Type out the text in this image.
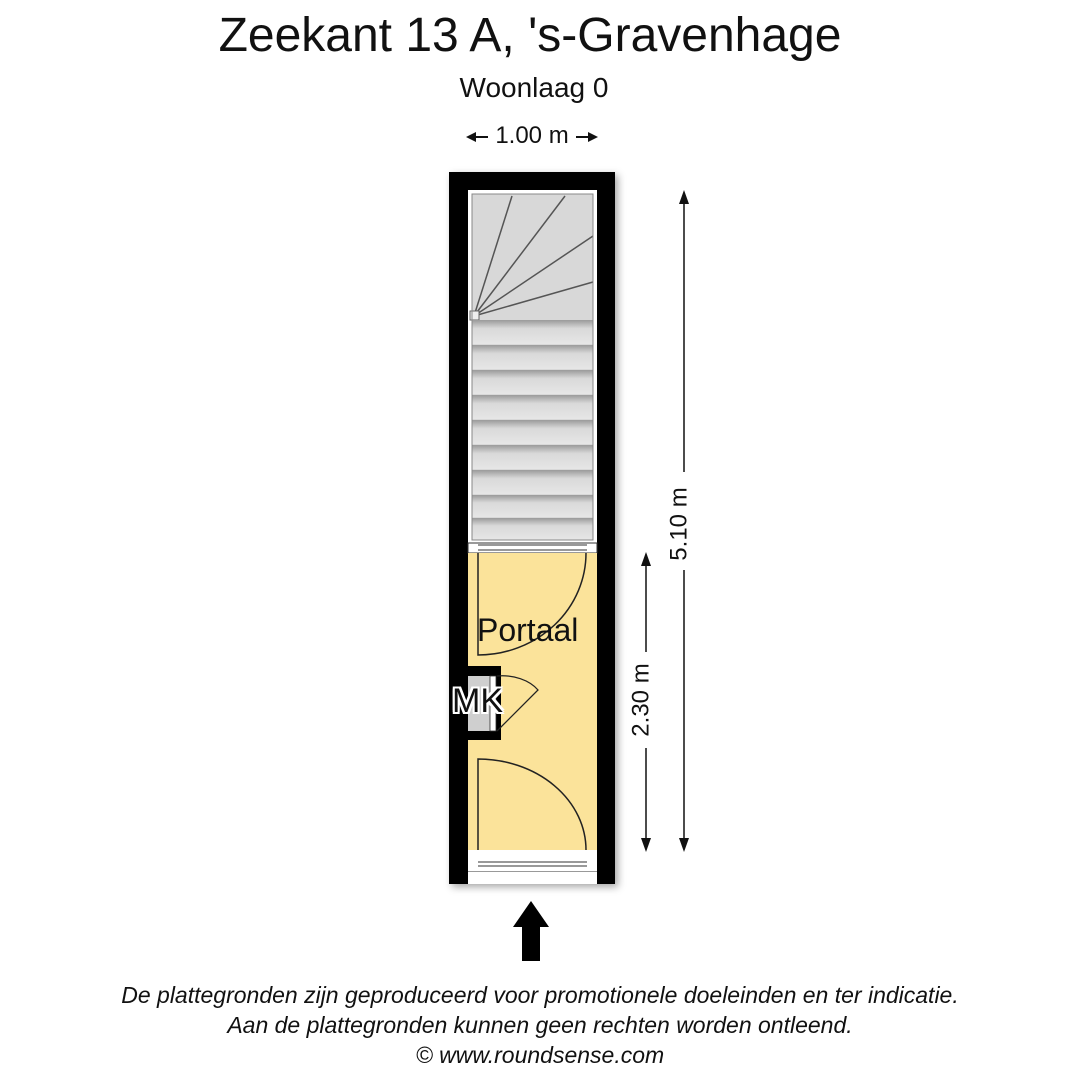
Zeekant 13 A, 's-Gravenhage
Woonlaag 0
1.00 m
5.10 m
2.30 m
Portaal
MK
De plattegronden zijn geproduceerd voor promotionele doeleinden en ter indicatie.
Aan de plattegronden kunnen geen rechten worden ontleend.
© www.roundsense.com
